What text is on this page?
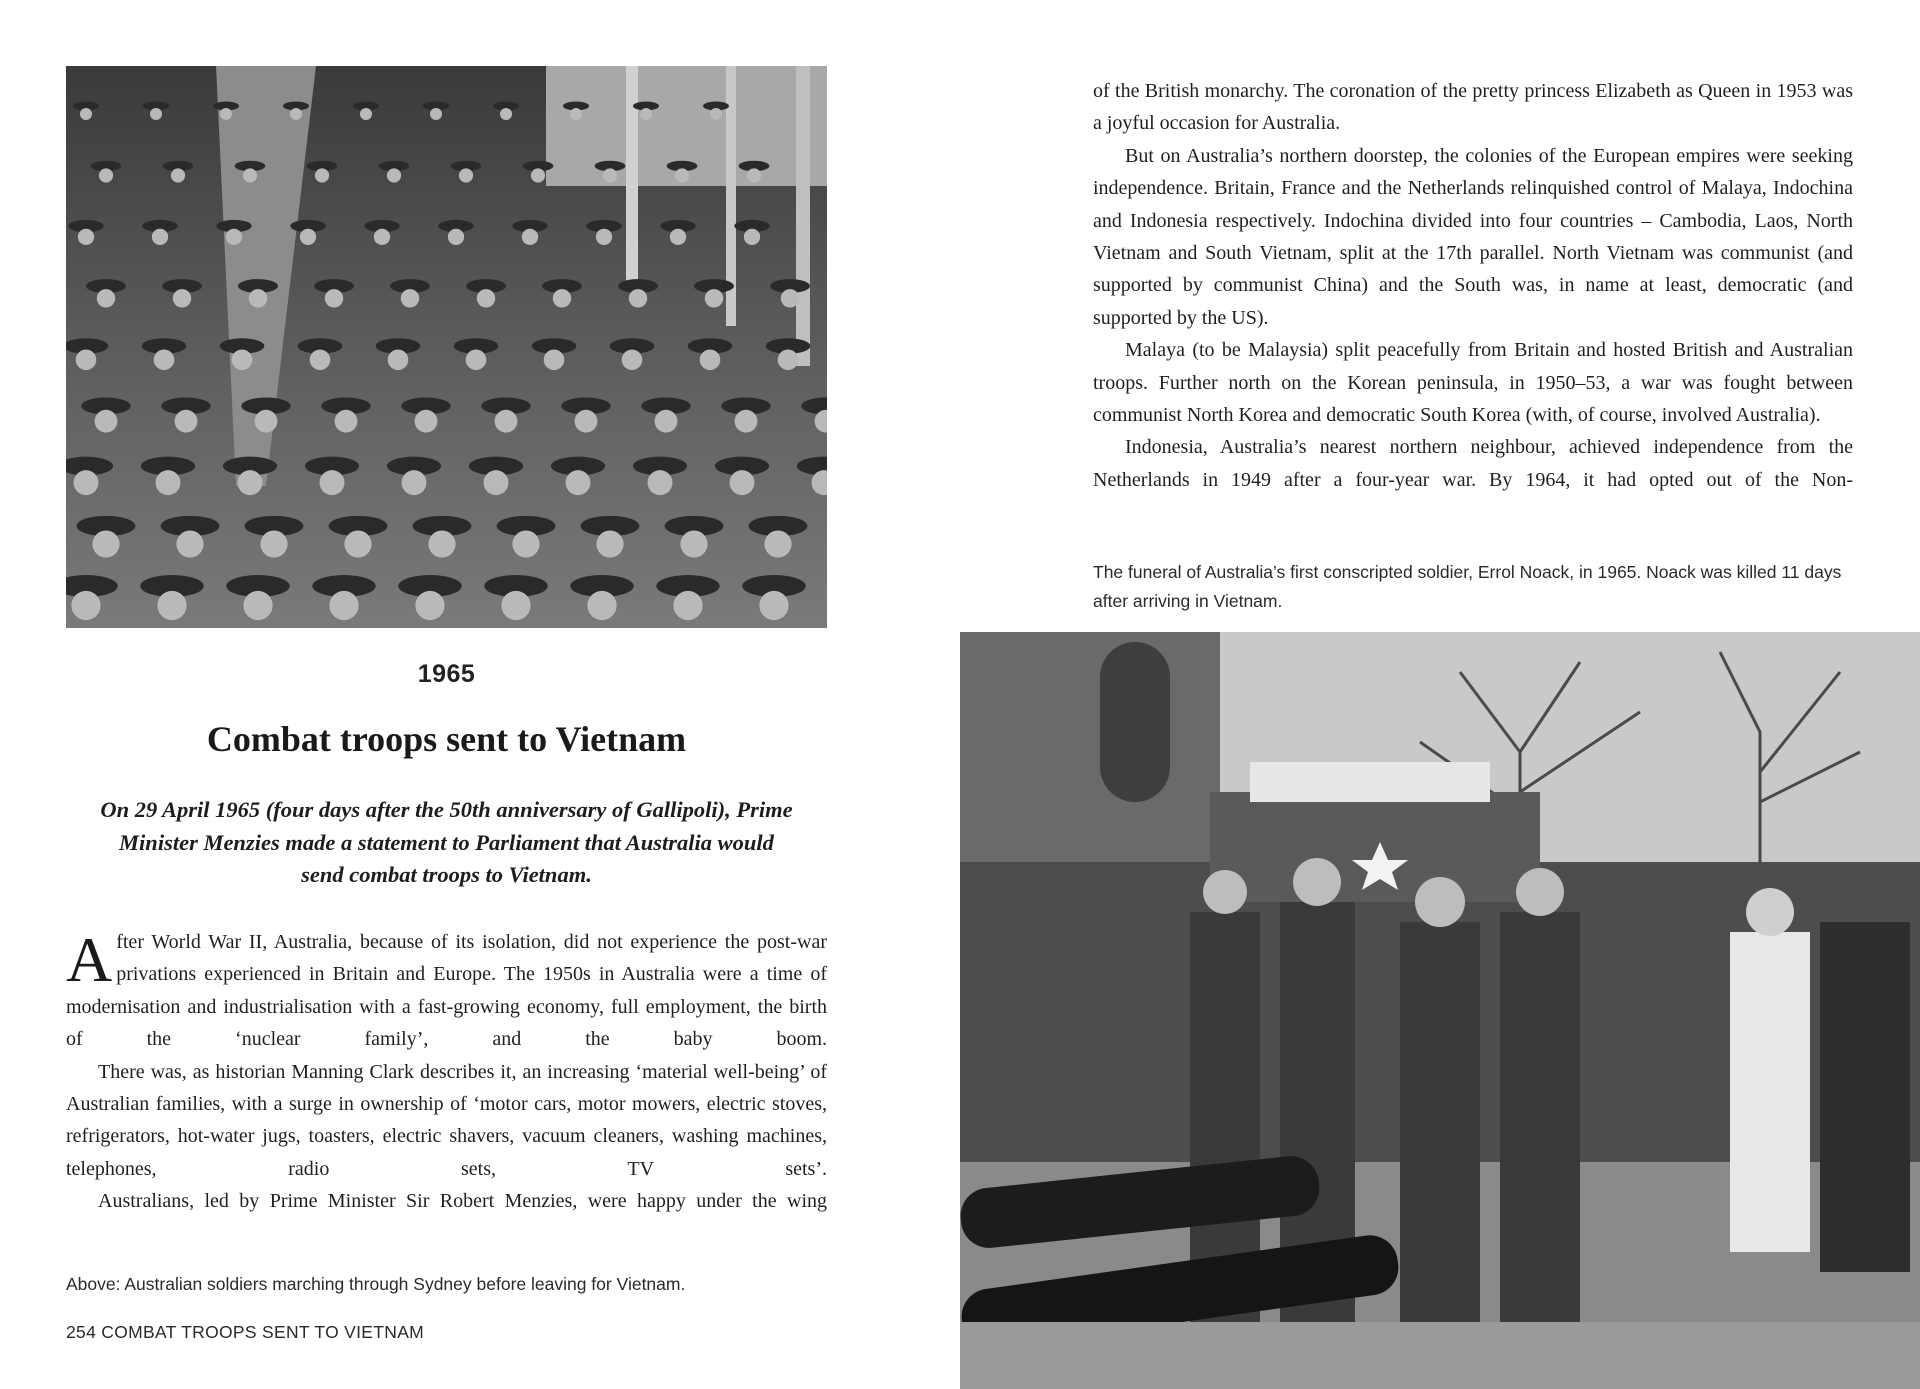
1965
Combat troops sent to Vietnam
On 29 April 1965 (four days after the 50th anniversary of Gallipoli), Prime Minister Menzies made a statement to Parliament that Australia would send combat troops to Vietnam.

After World War II, Australia, because of its isolation, did not experience the post-war privations experienced in Britain and Europe. The 1950s in Australia were a time of modernisation and industrialisation with a fast-growing economy, full employment, the birth of the ‘nuclear family’, and the baby boom.

There was, as historian Manning Clark describes it, an increasing ‘material well-being’ of Australian families, with a surge in ownership of ‘motor cars, motor mowers, electric stoves, refrigerators, hot-water jugs, toasters, electric shavers, vacuum cleaners, washing machines, telephones, radio sets, TV sets’.

Australians, led by Prime Minister Sir Robert Menzies, were happy under the wing

Above: Australian soldiers marching through Sydney before leaving for Vietnam.
254 COMBAT TROOPS SENT TO VIETNAM

of the British monarchy. The coronation of the pretty princess Elizabeth as Queen in 1953 was a joyful occasion for Australia.

But on Australia’s northern doorstep, the colonies of the European empires were seeking independence. Britain, France and the Netherlands relinquished control of Malaya, Indochina and Indonesia respectively. Indochina divided into four countries – Cambodia, Laos, North Vietnam and South Vietnam, split at the 17th parallel. North Vietnam was communist (and supported by communist China) and the South was, in name at least, democratic (and supported by the US).

Malaya (to be Malaysia) split peacefully from Britain and hosted British and Australian troops. Further north on the Korean peninsula, in 1950–53, a war was fought between communist North Korea and democratic South Korea (with, of course, involved Australia).

Indonesia, Australia’s nearest northern neighbour, achieved independence from the Netherlands in 1949 after a four-year war. By 1964, it had opted out of the Non-

The funeral of Australia’s first conscripted soldier, Errol Noack, in 1965. Noack was killed 11 days after arriving in Vietnam.
